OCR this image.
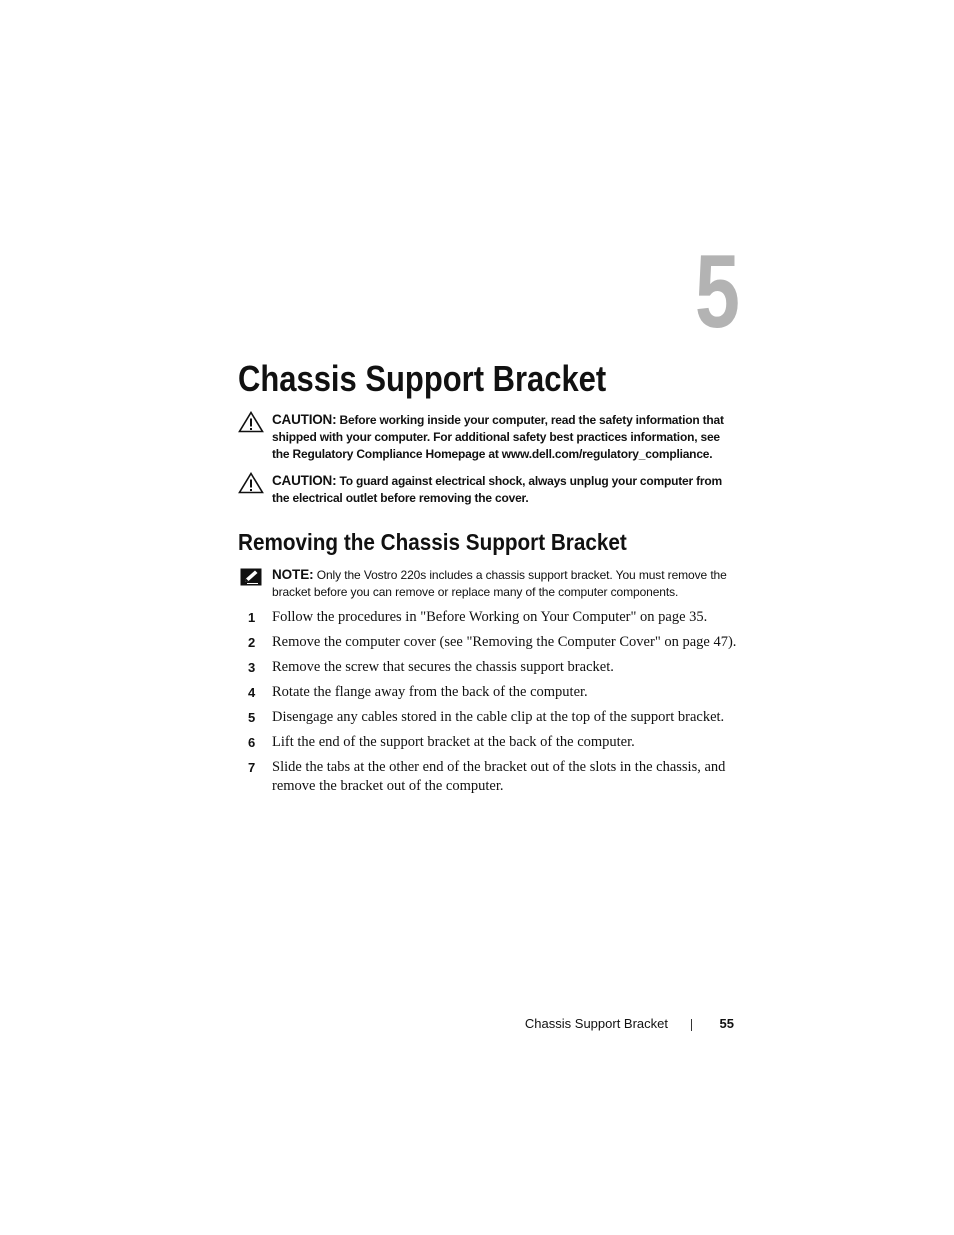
5
Chassis Support Bracket
CAUTION: Before working inside your computer, read the safety information that shipped with your computer. For additional safety best practices information, see the Regulatory Compliance Homepage at www.dell.com/regulatory_compliance.
CAUTION: To guard against electrical shock, always unplug your computer from the electrical outlet before removing the cover.
Removing the Chassis Support Bracket
NOTE: Only the Vostro 220s includes a chassis support bracket. You must remove the bracket before you can remove or replace many of the computer components.
1 Follow the procedures in "Before Working on Your Computer" on page 35.
2 Remove the computer cover (see "Removing the Computer Cover" on page 47).
3 Remove the screw that secures the chassis support bracket.
4 Rotate the flange away from the back of the computer.
5 Disengage any cables stored in the cable clip at the top of the support bracket.
6 Lift the end of the support bracket at the back of the computer.
7 Slide the tabs at the other end of the bracket out of the slots in the chassis, and remove the bracket out of the computer.
Chassis Support Bracket	55
